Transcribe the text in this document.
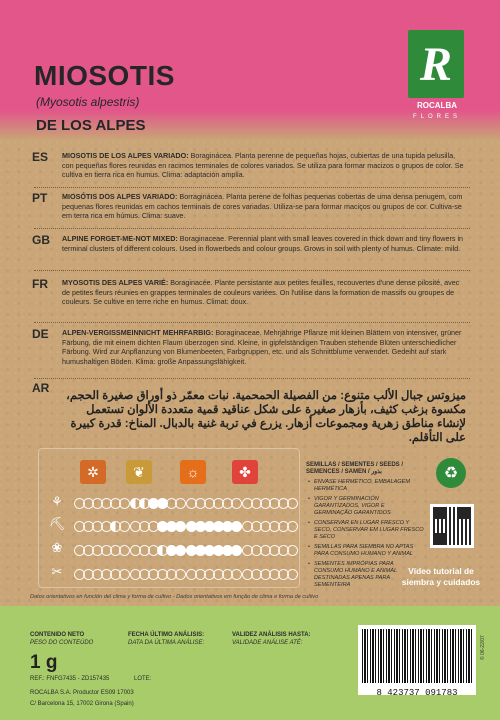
MIOSOTIS
(Myosotis alpestris)
DE LOS ALPES
R
ROCALBA
FLORES
ES	MIOSOTIS DE LOS ALPES VARIADO: Boraginácea. Planta perenne de pequeñas hojas, cubiertas de una tupida pelusilla, con pequeñas flores reunidas en racimos terminales de colores variados. Se utiliza para formar macizos o grupos de color. Se cultiva en tierra rica en humus. Clima: adaptación amplia.
PT	MIOSÓTIS DOS ALPES VARIADO: Borraginácea. Planta perene de folhas pequenas cobertas de uma densa penugem, com pequenas flores reunidas em cachos terminais de cores variadas. Utiliza-se para formar maciços ou grupos de cor. Cultiva-se em terra rica em húmus. Clima: suave.
GB	ALPINE FORGET-ME-NOT MIXED: Boraginaceae. Perennial plant with small leaves covered in thick down and tiny flowers in terminal clusters of different colours. Used in flowerbeds and colour groups. Grows in soil with plenty of humus. Climate: mild.
FR	MYOSOTIS DES ALPES VARIÉ: Boraginacée. Plante persistante aux petites feuilles, recouvertes d'une dense pilosité, avec de petites fleurs réunies en grappes terminales de couleurs variées. On l'utilise dans la formation de massifs ou groupes de couleurs. Se cultive en terre riche en humus. Climat: doux.
DE	ALPEN-VERGISSMEINNICHT MEHRFARBIG: Boraginaceae. Mehrjährige Pflanze mit kleinen Blättern von intensiver, grüner Färbung, die mit einem dichten Flaum überzogen sind. Kleine, in gipfelständigen Trauben stehende Blüten unterschiedlicher Färbung. Wird zur Anpflanzung von Blumenbeeten, Farbgruppen, etc. und als Schnittblume verwendet. Gedeiht auf stark humushaltigen Böden. Klima: große Anpassungsfähigkeit.
AR
ميزوتس جبال الألب متنوع: من الفصيلة الحمحمية. نبات معمّر ذو أوراق صغيرة الحجم، مكسوة بزغب كثيف، بأزهار صغيرة على شكل عناقيد قمية متعددة الألوان تستعمل لإنشاء مناطق زهرية ومجموعات أزهار. يزرع في تربة غنية بالدبال. المناخ: قدرة كبيرة على التأقلم.
✲ ❦	☼	✤
⚘
⛏
❀
✂
SEMILLAS / SEMENTES / SEEDS / SEMENCES / SAMEN / بذور
• ENVASE HERMÉTICO, EMBALAGEM HERMÉTICA
• VIGOR Y GERMINACIÓN GARANTIZADOS, VIGOR E GERMINAÇÃO GARANTIDOS
• CONSERVAR EN LUGAR FRESCO Y SECO, CONSERVAR EM LUGAR FRESCO E SECO
• SEMILLAS PARA SIEMBRA NO APTAS PARA CONSUMO HUMANO Y ANIMAL
• SEMENTES IMPRÓPIAS PARA CONSUMO HUMANO E ANIMAL DESTINADAS APENAS PARA SEMENTEIRA
♻
Vídeo tutorial de siembra y cuidados
Datos orientativos en función del clima y forma de cultivo - Dados orientativos em função de clima e forma de cultivo
CONTENIDO NETO
PESO DO CONTEÚDO
1 g
FECHA ÚLTIMO ANÁLISIS:
DATA DA ÚLTIMA ANÁLISE:
VALIDEZ ANÁLISIS HASTA:
VALIDADE ANÁLISE ATÉ:
REF.: FNFG7435 - ZD157435	LOTE:
ROCALBA S.A. Productor ES09 17003
C/ Barcelona 15, 17002 Girona (Spain)
8 423737 091783
© 06-22/07
